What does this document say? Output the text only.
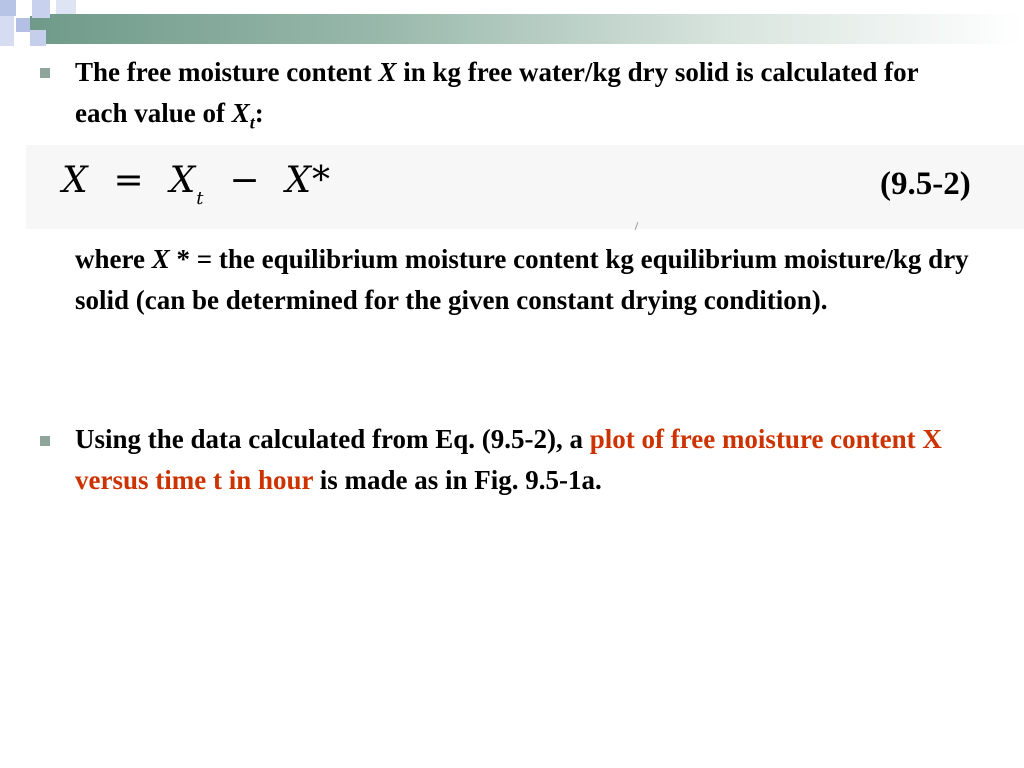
The free moisture content X in kg free water/kg dry solid is calculated for each value of $X_t$:
$X = X_t - X*$	(9.5-2)
where X * = the equilibrium moisture content kg equilibrium moisture/kg dry solid (can be determined for the given constant drying condition).
Using the data calculated from Eq. (9.5-2), a plot of free moisture content X versus time t in hour is made as in Fig. 9.5-1a.
